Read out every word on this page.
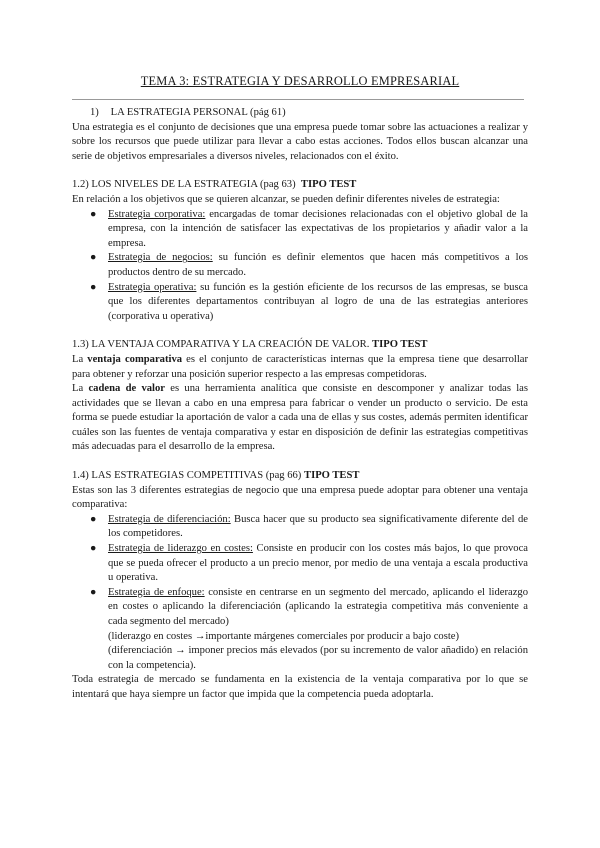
TEMA 3: ESTRATEGIA Y DESARROLLO EMPRESARIAL
1) LA ESTRATEGIA PERSONAL (pág 61)

Una estrategia es el conjunto de decisiones que una empresa puede tomar sobre las actuaciones a realizar y sobre los recursos que puede utilizar para llevar a cabo estas acciones. Todos ellos buscan alcanzar una serie de objetivos empresariales a diversos niveles, relacionados con el éxito.

1.2) LOS NIVELES DE LA ESTRATEGIA (pag 63) TIPO TEST

En relación a los objetivos que se quieren alcanzar, se pueden definir diferentes niveles de estrategia:

● Estrategia corporativa: encargadas de tomar decisiones relacionadas con el objetivo global de la empresa, con la intención de satisfacer las expectativas de los propietarios y añadir valor a la empresa.
● Estrategia de negocios: su función es definir elementos que hacen más competitivos a los productos dentro de su mercado.
● Estrategia operativa: su función es la gestión eficiente de los recursos de las empresas, se busca que los diferentes departamentos contribuyan al logro de una de las estrategias anteriores (corporativa u operativa)
1.3) LA VENTAJA COMPARATIVA Y LA CREACIÓN DE VALOR. TIPO TEST

La ventaja comparativa es el conjunto de características internas que la empresa tiene que desarrollar para obtener y reforzar una posición superior respecto a las empresas competidoras.

La cadena de valor es una herramienta analítica que consiste en descomponer y analizar todas las actividades que se llevan a cabo en una empresa para fabricar o vender un producto o servicio. De esta forma se puede estudiar la aportación de valor a cada una de ellas y sus costes, además permiten identificar cuáles son las fuentes de ventaja comparativa y estar en disposición de definir las estrategias competitivas más adecuadas para el desarrollo de la empresa.

1.4) LAS ESTRATEGIAS COMPETITIVAS (pag 66) TIPO TEST

Estas son las 3 diferentes estrategias de negocio que una empresa puede adoptar para obtener una ventaja comparativa:

● Estrategia de diferenciación: Busca hacer que su producto sea significativamente diferente del de los competidores.
● Estrategia de liderazgo en costes: Consiste en producir con los costes más bajos, lo que provoca que se pueda ofrecer el producto a un precio menor, por medio de una ventaja a escala productiva u operativa.
● Estrategia de enfoque: consiste en centrarse en un segmento del mercado, aplicando el liderazgo en costes o aplicando la diferenciación (aplicando la estrategia competitiva más conveniente a cada segmento del mercado)
(liderazgo en costes →importante márgenes comerciales por producir a bajo coste)
(diferenciación → imponer precios más elevados (por su incremento de valor añadido) en relación con la competencia).

Toda estrategia de mercado se fundamenta en la existencia de la ventaja comparativa por lo que se intentará que haya siempre un factor que impida que la competencia pueda adoptarla.
